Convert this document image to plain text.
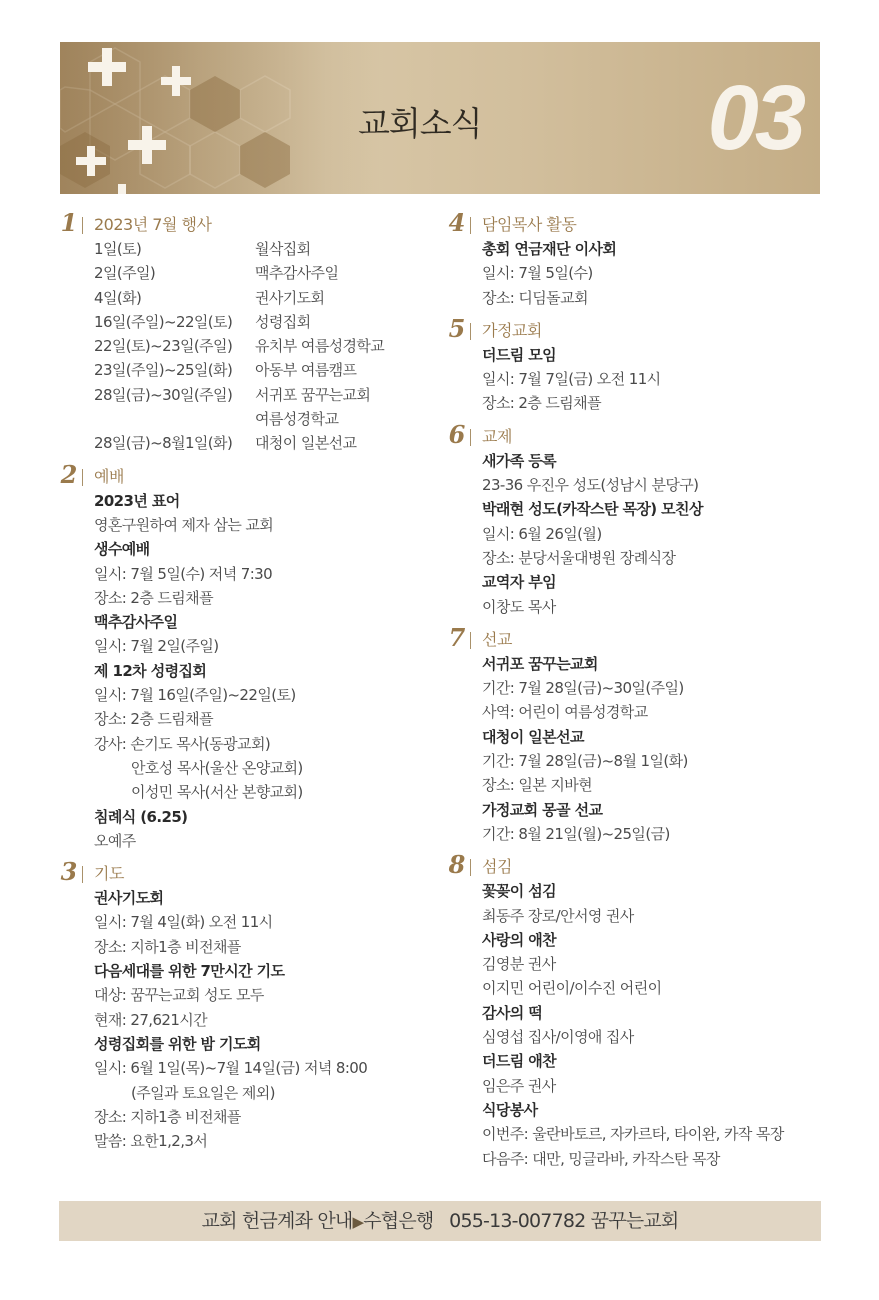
교회소식 03
1 2023년 7월 행사
1일(토)	월삭집회
2일(주일)	맥추감사주일
4일(화)	권사기도회
16일(주일)~22일(토)	성령집회
22일(토)~23일(주일)	유치부 여름성경학교
23일(주일)~25일(화)	아동부 여름캠프
28일(금)~30일(주일)	서귀포 꿈꾸는교회
여름성경학교
28일(금)~8월1일(화)	대청이 일본선교
2 예배
2023년 표어
영혼구원하여 제자 삼는 교회
생수예배
일시: 7월 5일(수) 저녁 7:30
장소: 2층 드림채플
맥추감사주일
일시: 7월 2일(주일)
제 12차 성령집회
일시: 7월 16일(주일)~22일(토)
장소: 2층 드림채플
강사: 손기도 목사(동광교회)
안호성 목사(울산 온양교회)
이성민 목사(서산 본향교회)
침례식 (6.25)
오예주
3 기도
권사기도회
일시: 7월 4일(화) 오전 11시
장소: 지하1층 비전채플
다음세대를 위한 7만시간 기도
대상: 꿈꾸는교회 성도 모두
현재: 27,621시간
성령집회를 위한 밤 기도회
일시: 6월 1일(목)~7월 14일(금) 저녁 8:00
(주일과 토요일은 제외)
장소: 지하1층 비전채플
말씀: 요한1,2,3서
4 담임목사 활동
총회 연금재단 이사회
일시: 7월 5일(수)
장소: 디딤돌교회
5 가정교회
더드림 모임
일시: 7월 7일(금) 오전 11시
장소: 2층 드림채플
6 교제
새가족 등록
23-36 우진우 성도(성남시 분당구)
박래현 성도(카작스탄 목장) 모친상
일시: 6월 26일(월)
장소: 분당서울대병원 장례식장
교역자 부임
이창도 목사
7 선교
서귀포 꿈꾸는교회
기간: 7월 28일(금)~30일(주일)
사역: 어린이 여름성경학교
대청이 일본선교
기간: 7월 28일(금)~8월 1일(화)
장소: 일본 지바현
가정교회 몽골 선교
기간: 8월 21일(월)~25일(금)
8 섬김
꽃꽂이 섬김
최동주 장로/안서영 권사
사랑의 애찬
김영분 권사
이지민 어린이/이수진 어린이
감사의 떡
심영섭 집사/이영애 집사
더드림 애찬
임은주 권사
식당봉사
이번주: 울란바토르, 자카르타, 타이완, 카작 목장
다음주: 대만, 밍글라바, 카작스탄 목장
교회 헌금계좌 안내▶수협은행 055-13-007782 꿈꾸는교회
